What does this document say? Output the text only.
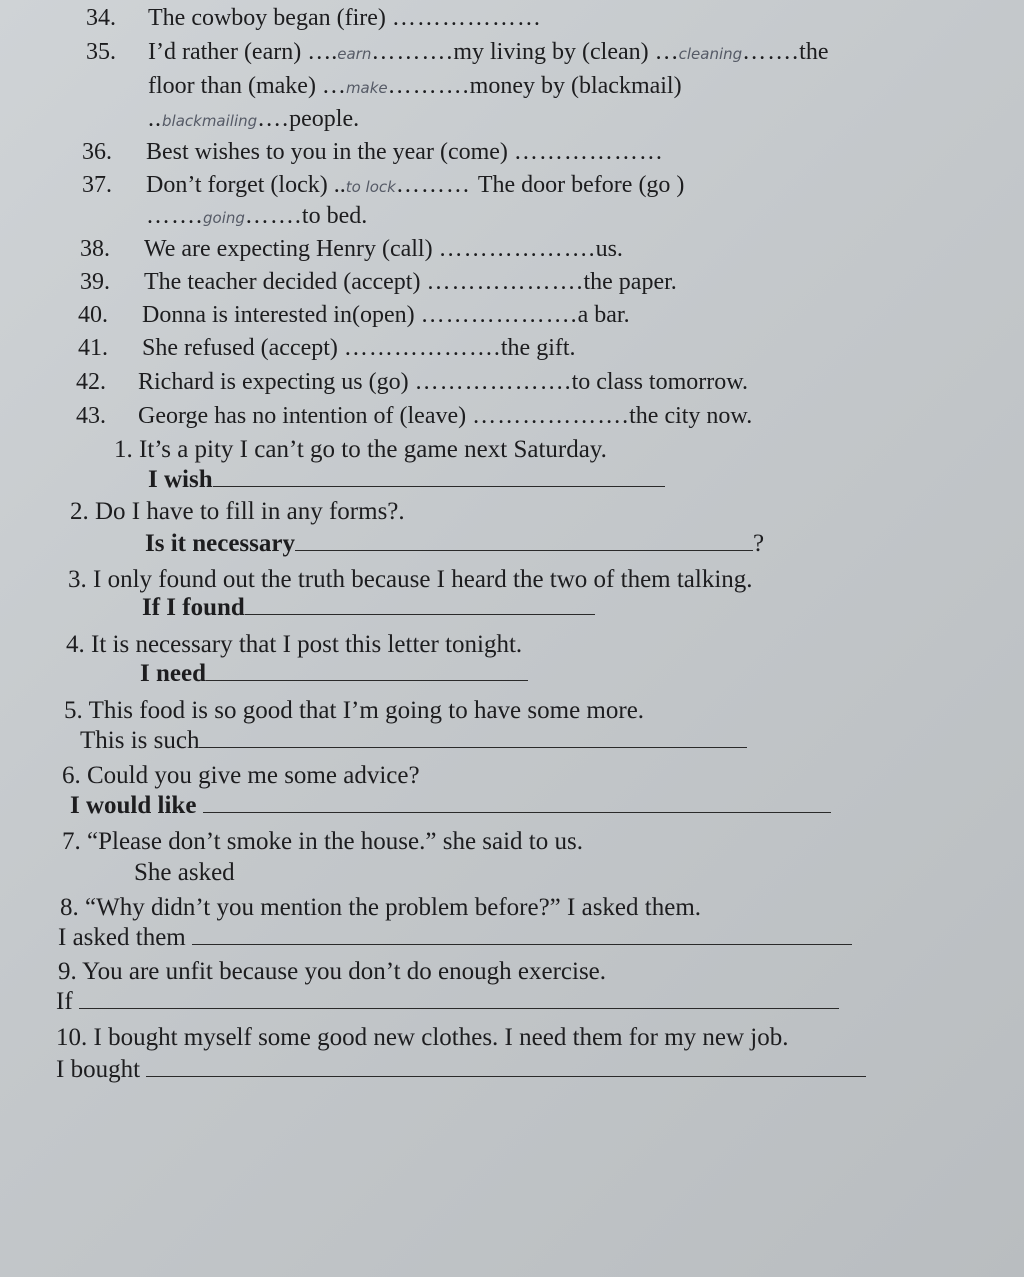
34. The cowboy began (fire) ………………
35. I’d rather (earn) ….earn……….my living by (clean) …cleaning…….the
floor than (make) …make……….money by (blackmail)
..blackmailing….people.
36. Best wishes to you in the year (come) ………………
37. Don’t forget (lock) ..to lock……… The door before (go )
…….going…….to bed.
38. We are expecting Henry (call) ……………….us.
39. The teacher decided (accept) ……………….the paper.
40. Donna is interested in(open) ……………….a bar.
41. She refused (accept) ……………….the gift.
42. Richard is expecting us (go) ……………….to class tomorrow.
43. George has no intention of (leave) ……………….the city now.
1. It’s a pity I can’t go to the game next Saturday.
I wish
2. Do I have to fill in any forms?.
Is it necessary	?
3. I only found out the truth because I heard the two of them talking.
If I found
4. It is necessary that I post this letter tonight.
I need
5. This food is so good that I’m going to have some more.
This is such
6. Could you give me some advice?
I would like
7. “Please don’t smoke in the house.” she said to us.
She asked
8. “Why didn’t you mention the problem before?” I asked them.
I asked them
9. You are unfit because you don’t do enough exercise.
If
10. I bought myself some good new clothes. I need them for my new job.
I bought
